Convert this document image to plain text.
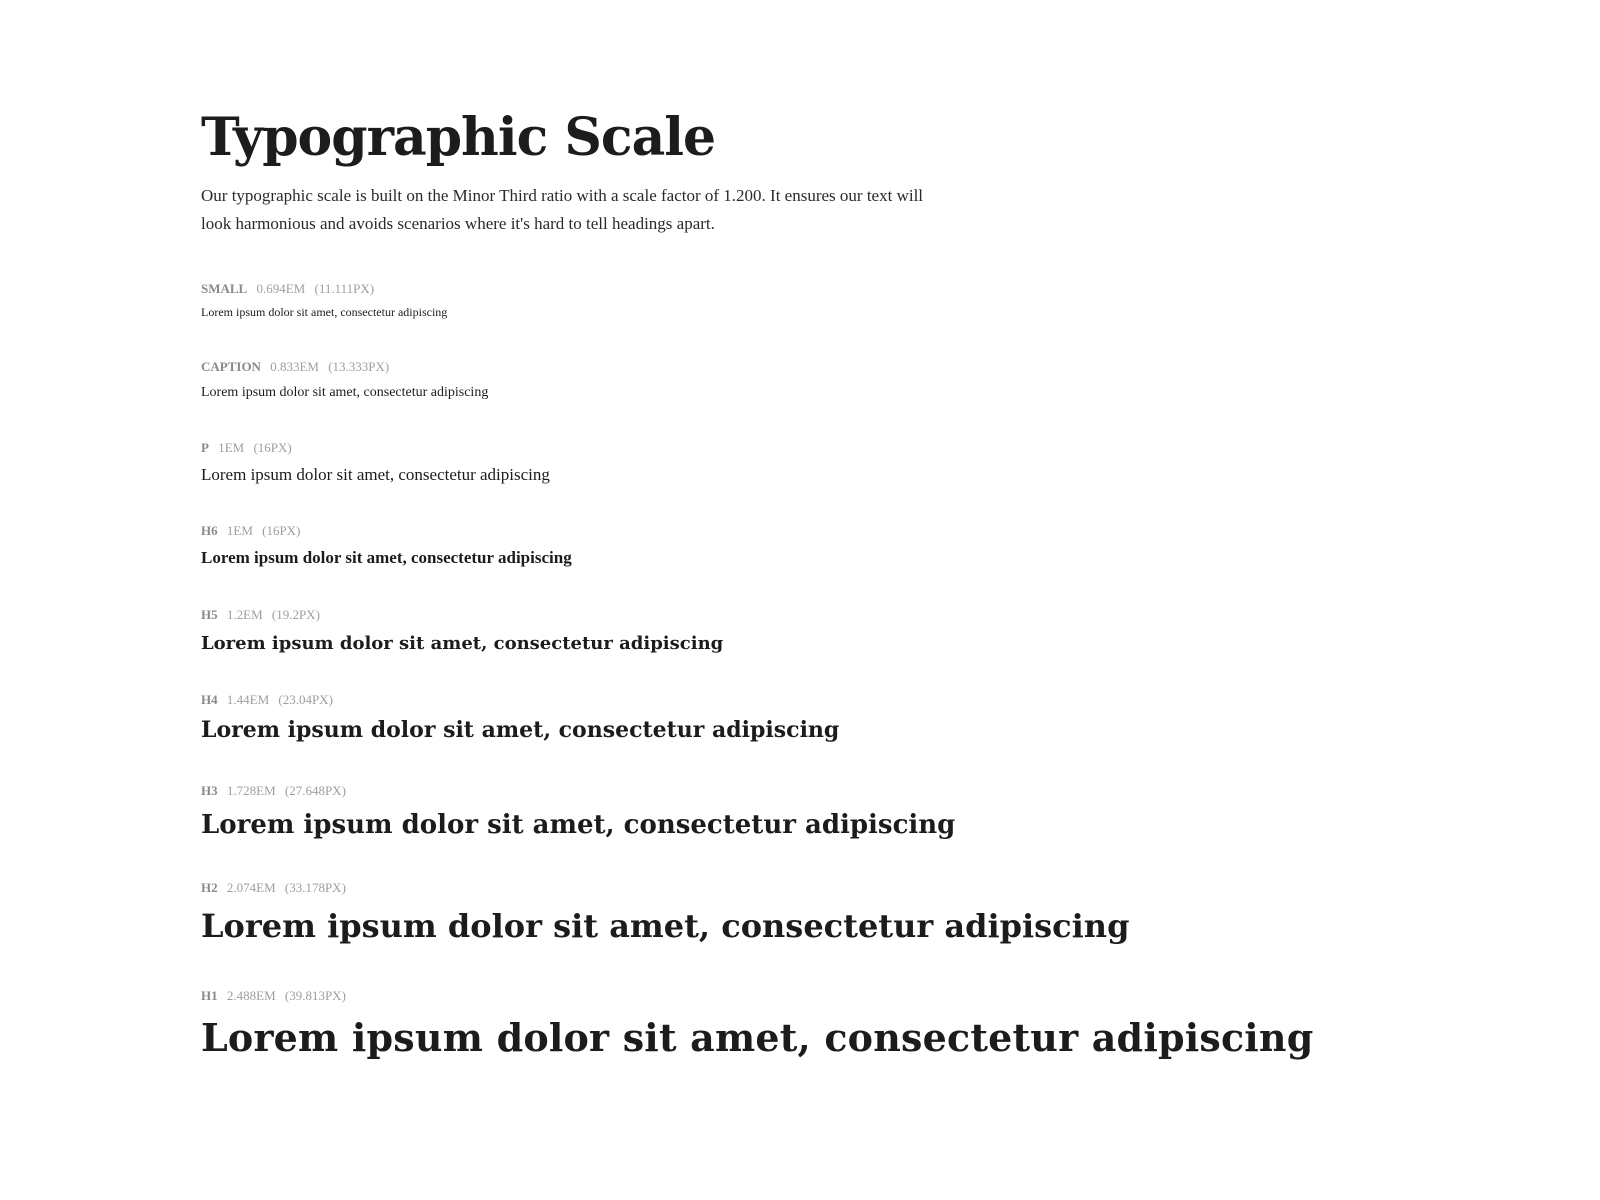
Typographic Scale

Our typographic scale is built on the Minor Third ratio with a scale factor of 1.200. It ensures our text will look harmonious and avoids scenarios where it's hard to tell headings apart.

SMALL 0.694EM (11.111PX)
Lorem ipsum dolor sit amet, consectetur adipiscing
CAPTION 0.833EM (13.333PX)
Lorem ipsum dolor sit amet, consectetur adipiscing
P 1EM (16PX)
Lorem ipsum dolor sit amet, consectetur adipiscing
H6 1EM (16PX)
Lorem ipsum dolor sit amet, consectetur adipiscing
H5 1.2EM (19.2PX)
Lorem ipsum dolor sit amet, consectetur adipiscing
H4 1.44EM (23.04PX)
Lorem ipsum dolor sit amet, consectetur adipiscing
H3 1.728EM (27.648PX)
Lorem ipsum dolor sit amet, consectetur adipiscing
H2 2.074EM (33.178PX)
Lorem ipsum dolor sit amet, consectetur adipiscing
H1 2.488EM (39.813PX)
Lorem ipsum dolor sit amet, consectetur adipiscing
